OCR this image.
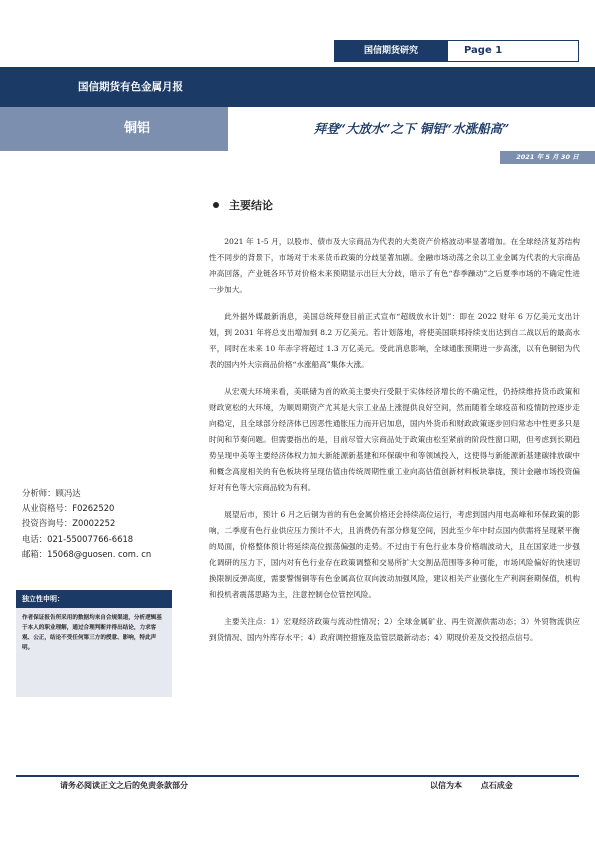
国信期货研究	Page 1
国信期货有色金属月报
铜铝	拜登“大放水”之下 铜铝“水涨船高”
2021 年 5 月 30 日
主要结论

2021 年 1-5 月，以股市、债市及大宗商品为代表的大类资产价格波动率显著增加。在全球经济复苏结构性不同步的背景下，市场对于未来货币政策的分歧显著加剧。金融市场动荡之余以工业金属为代表的大宗商品冲高回落，产业链各环节对价格未来预期显示出巨大分歧，暗示了有色“春季躁动”之后夏季市场的不确定性进一步加大。

此外据外媒最新消息，美国总统拜登目前正式宣布“超级放水计划”：即在 2022 财年 6 万亿美元支出计划，到 2031 年将总支出增加到 8.2 万亿美元。若计划落地，将使美国联邦持续支出达到自二战以后的最高水平，同时在未来 10 年赤字将超过 1.3 万亿美元。受此消息影响，全球通胀预期进一步高涨，以有色铜铝为代表的国内外大宗商品价格“水涨船高”集体大涨。

从宏观大环境来看，美联储为首的欧美主要央行受限于实体经济增长的不确定性，仍持续维持货币政策和财政宽松的大环境，为顺周期资产尤其是大宗工业品上涨提供良好空间，然而随着全球疫苗和疫情防控逐步走向稳定，且全球部分经济体已因恶性通胀压力而开启加息，国内外货币和财政政策逐步回归常态中性更多只是时间和节奏问题。但需要指出的是，目前尽管大宗商品处于政策由松至紧前的阶段性窗口期，但考虑到长期趋势呈现中美等主要经济体权力加大新能源新基建和环保碳中和等领域投入，这使得与新能源新基建碳排放碳中和概念高度相关的有色板块将呈现估值由传统周期性重工业向高估值创新材料板块靠拢，预计金融市场投资偏好对有色等大宗商品较为有利。

展望后市，预计 6 月之后铜为首的有色金属价格还会持续高位运行，考虑到国内用电高峰和环保政策的影响，二季度有色行业供应压力预计不大，且消费仍有部分修复空间，因此至少年中时点国内供需将呈现紧平衡的局面，价格整体预计将延续高位振荡偏强的走势。不过由于有色行业本身价格端波动大，且在国家进一步强化调研的压力下，国内对有色行业存在政策调整和交易所扩大交割品范围等多种可能，市场风险偏好的快速切换限制反弹高度，需要警惕铜等有色金属高位双向波动加强风险，建议相关产业强化生产利润套期保值，机构和投机者震荡思路为主，注意控制仓位管控风险。

主要关注点：1）宏观经济政策与流动性情况；2）全球金属矿业、再生资源供需动态；3）外贸物流供应到货情况、国内外库存水平；4）政府调控措施及监管层最新动态；4）期现价差及交投招点信号。

分析师：顾冯达
从业资格号：F0262520
投资咨询号：Z0002252
电话：021-55007766-6618
邮箱：15068@guosen. com. cn
独立性申明：
作者保证报告所采用的数据均来自合规渠道，分析逻辑基于本人的职业理解，通过合理判断并得出结论，力求客观、公正，结论不受任何第三方的授意、影响，特此声明。
请务必阅读正文之后的免责条款部分	以信为本 点石成金
